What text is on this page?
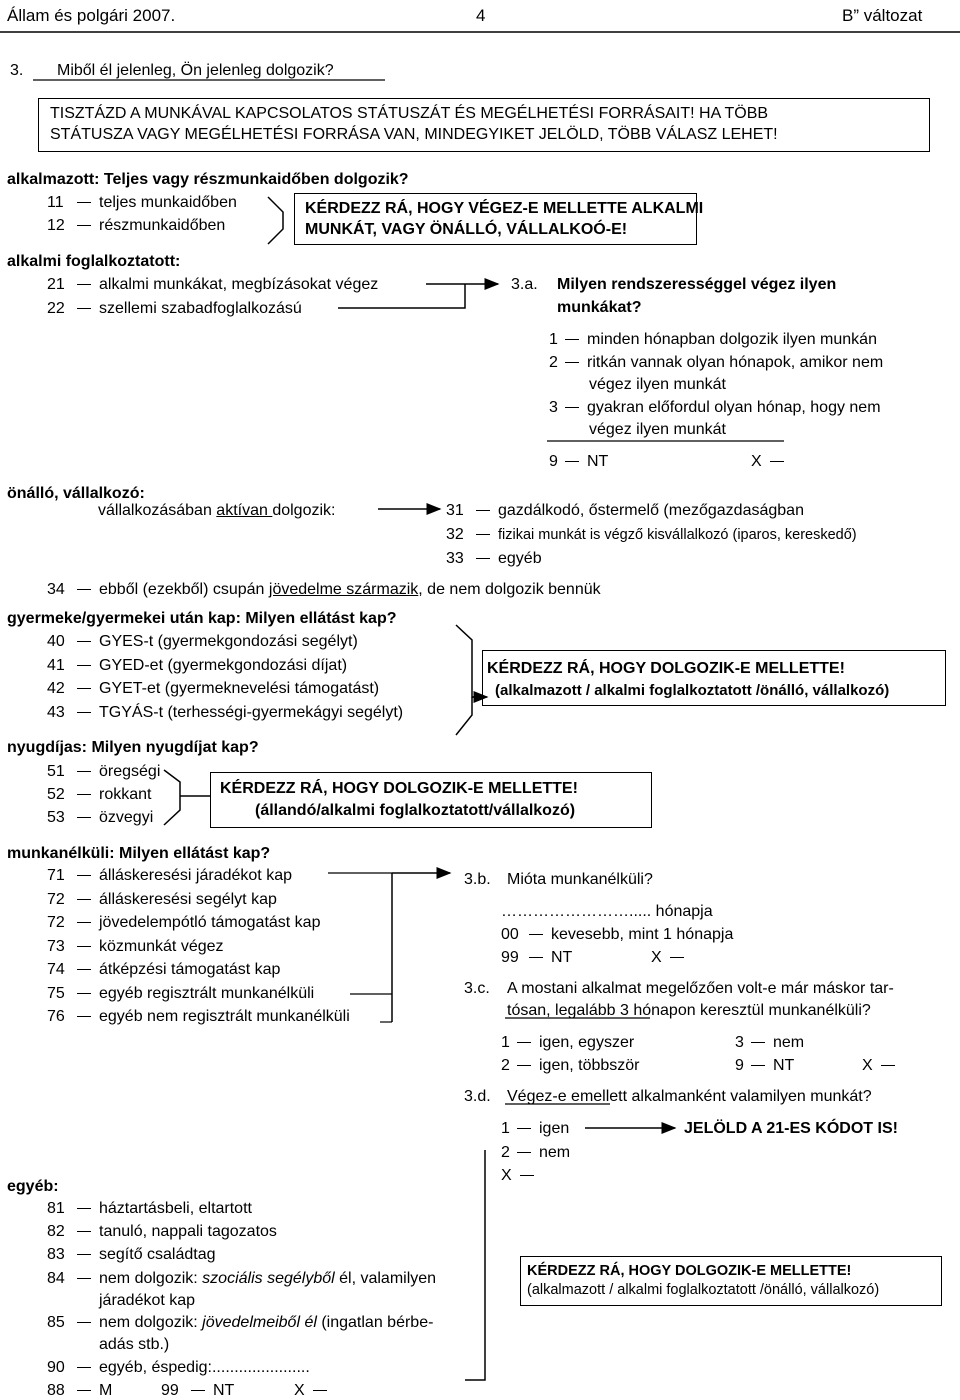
Állam és polgári 2007.	4	B” változat
3. Miből él jelenleg, Ön jelenleg dolgozik?
TISZTÁZD A MUNKÁVAL KAPCSOLATOS STÁTUSZÁT ÉS MEGÉLHETÉSI FORRÁSAIT! HA TÖBB
STÁTUSZA VAGY MEGÉLHETÉSI FORRÁSA VAN, MINDEGYIKET JELÖLD, TÖBB VÁLASZ LEHET!
alkalmazott: Teljes vagy részmunkaidőben dolgozik?
11 teljes munkaidőben
12 részmunkaidőben
KÉRDEZZ RÁ, HOGY VÉGEZ-E MELLETTE ALKALMI
MUNKÁT, VAGY ÖNÁLLÓ, VÁLLALKOÓ-E!
alkalmi foglalkoztatott:
21 alkalmi munkákat, megbízásokat végez
22 szellemi szabadfoglalkozású
3.a. Milyen rendszerességgel végez ilyen
munkákat?
1 minden hónapban dolgozik ilyen munkán
2 ritkán vannak olyan hónapok, amikor nem
végez ilyen munkát
3 gyakran előfordul olyan hónap, hogy nem
végez ilyen munkát
9 NT	X
önálló, vállalkozó:
vállalkozásában aktívan dolgozik:	31 gazdálkodó, őstermelő (mezőgazdaságban
32 fizikai munkát is végző kisvállalkozó (iparos, kereskedő)
33 egyéb
34 ebből (ezekből) csupán jövedelme származik, de nem dolgozik bennük
gyermeke/gyermekei után kap: Milyen ellátást kap?
40 GYES-t (gyermekgondozási segélyt)
41 GYED-et (gyermekgondozási díjat)
42 GYET-et (gyermeknevelési támogatást)
43 TGYÁS-t (terhességi-gyermekágyi segélyt)
KÉRDEZZ RÁ, HOGY DOLGOZIK-E MELLETTE!
(alkalmazott / alkalmi foglalkoztatott /önálló, vállalkozó)
nyugdíjas: Milyen nyugdíjat kap?
51 öregségi
52 rokkant
53 özvegyi
KÉRDEZZ RÁ, HOGY DOLGOZIK-E MELLETTE!
(állandó/alkalmi foglalkoztatott/vállalkozó)
munkanélküli: Milyen ellátást kap?
71 álláskeresési járadékot kap
72 álláskeresési segélyt kap
72 jövedelempótló támogatást kap
73 közmunkát végez
74 átképzési támogatást kap
75 egyéb regisztrált munkanélküli
76 egyéb nem regisztrált munkanélküli
3.b. Mióta munkanélküli?
……………………..... hónapja
00 kevesebb, mint 1 hónapja
99 NT	X
3.c. A mostani alkalmat megelőzően volt-e már máskor tar-
tósan, legalább 3 hónapon keresztül munkanélküli?
1 igen, egyszer	3 nem
2 igen, többször	9 NT	X
3.d. Végez-e emellett alkalmanként valamilyen munkát?
1 igen	JELÖLD A 21-ES KÓDOT IS!
2 nem
X
egyéb:
81 háztartásbeli, eltartott
82 tanuló, nappali tagozatos
83 segítő családtag
84 nem dolgozik: szociális segélyből él, valamilyen
járadékot kap
85 nem dolgozik: jövedelmeiből él (ingatlan bérbe-
adás stb.)
90 egyéb, éspedig:......................
88 M	99 NT	X
KÉRDEZZ RÁ, HOGY DOLGOZIK-E MELLETTE!
(alkalmazott / alkalmi foglalkoztatott /önálló, vállalkozó)
